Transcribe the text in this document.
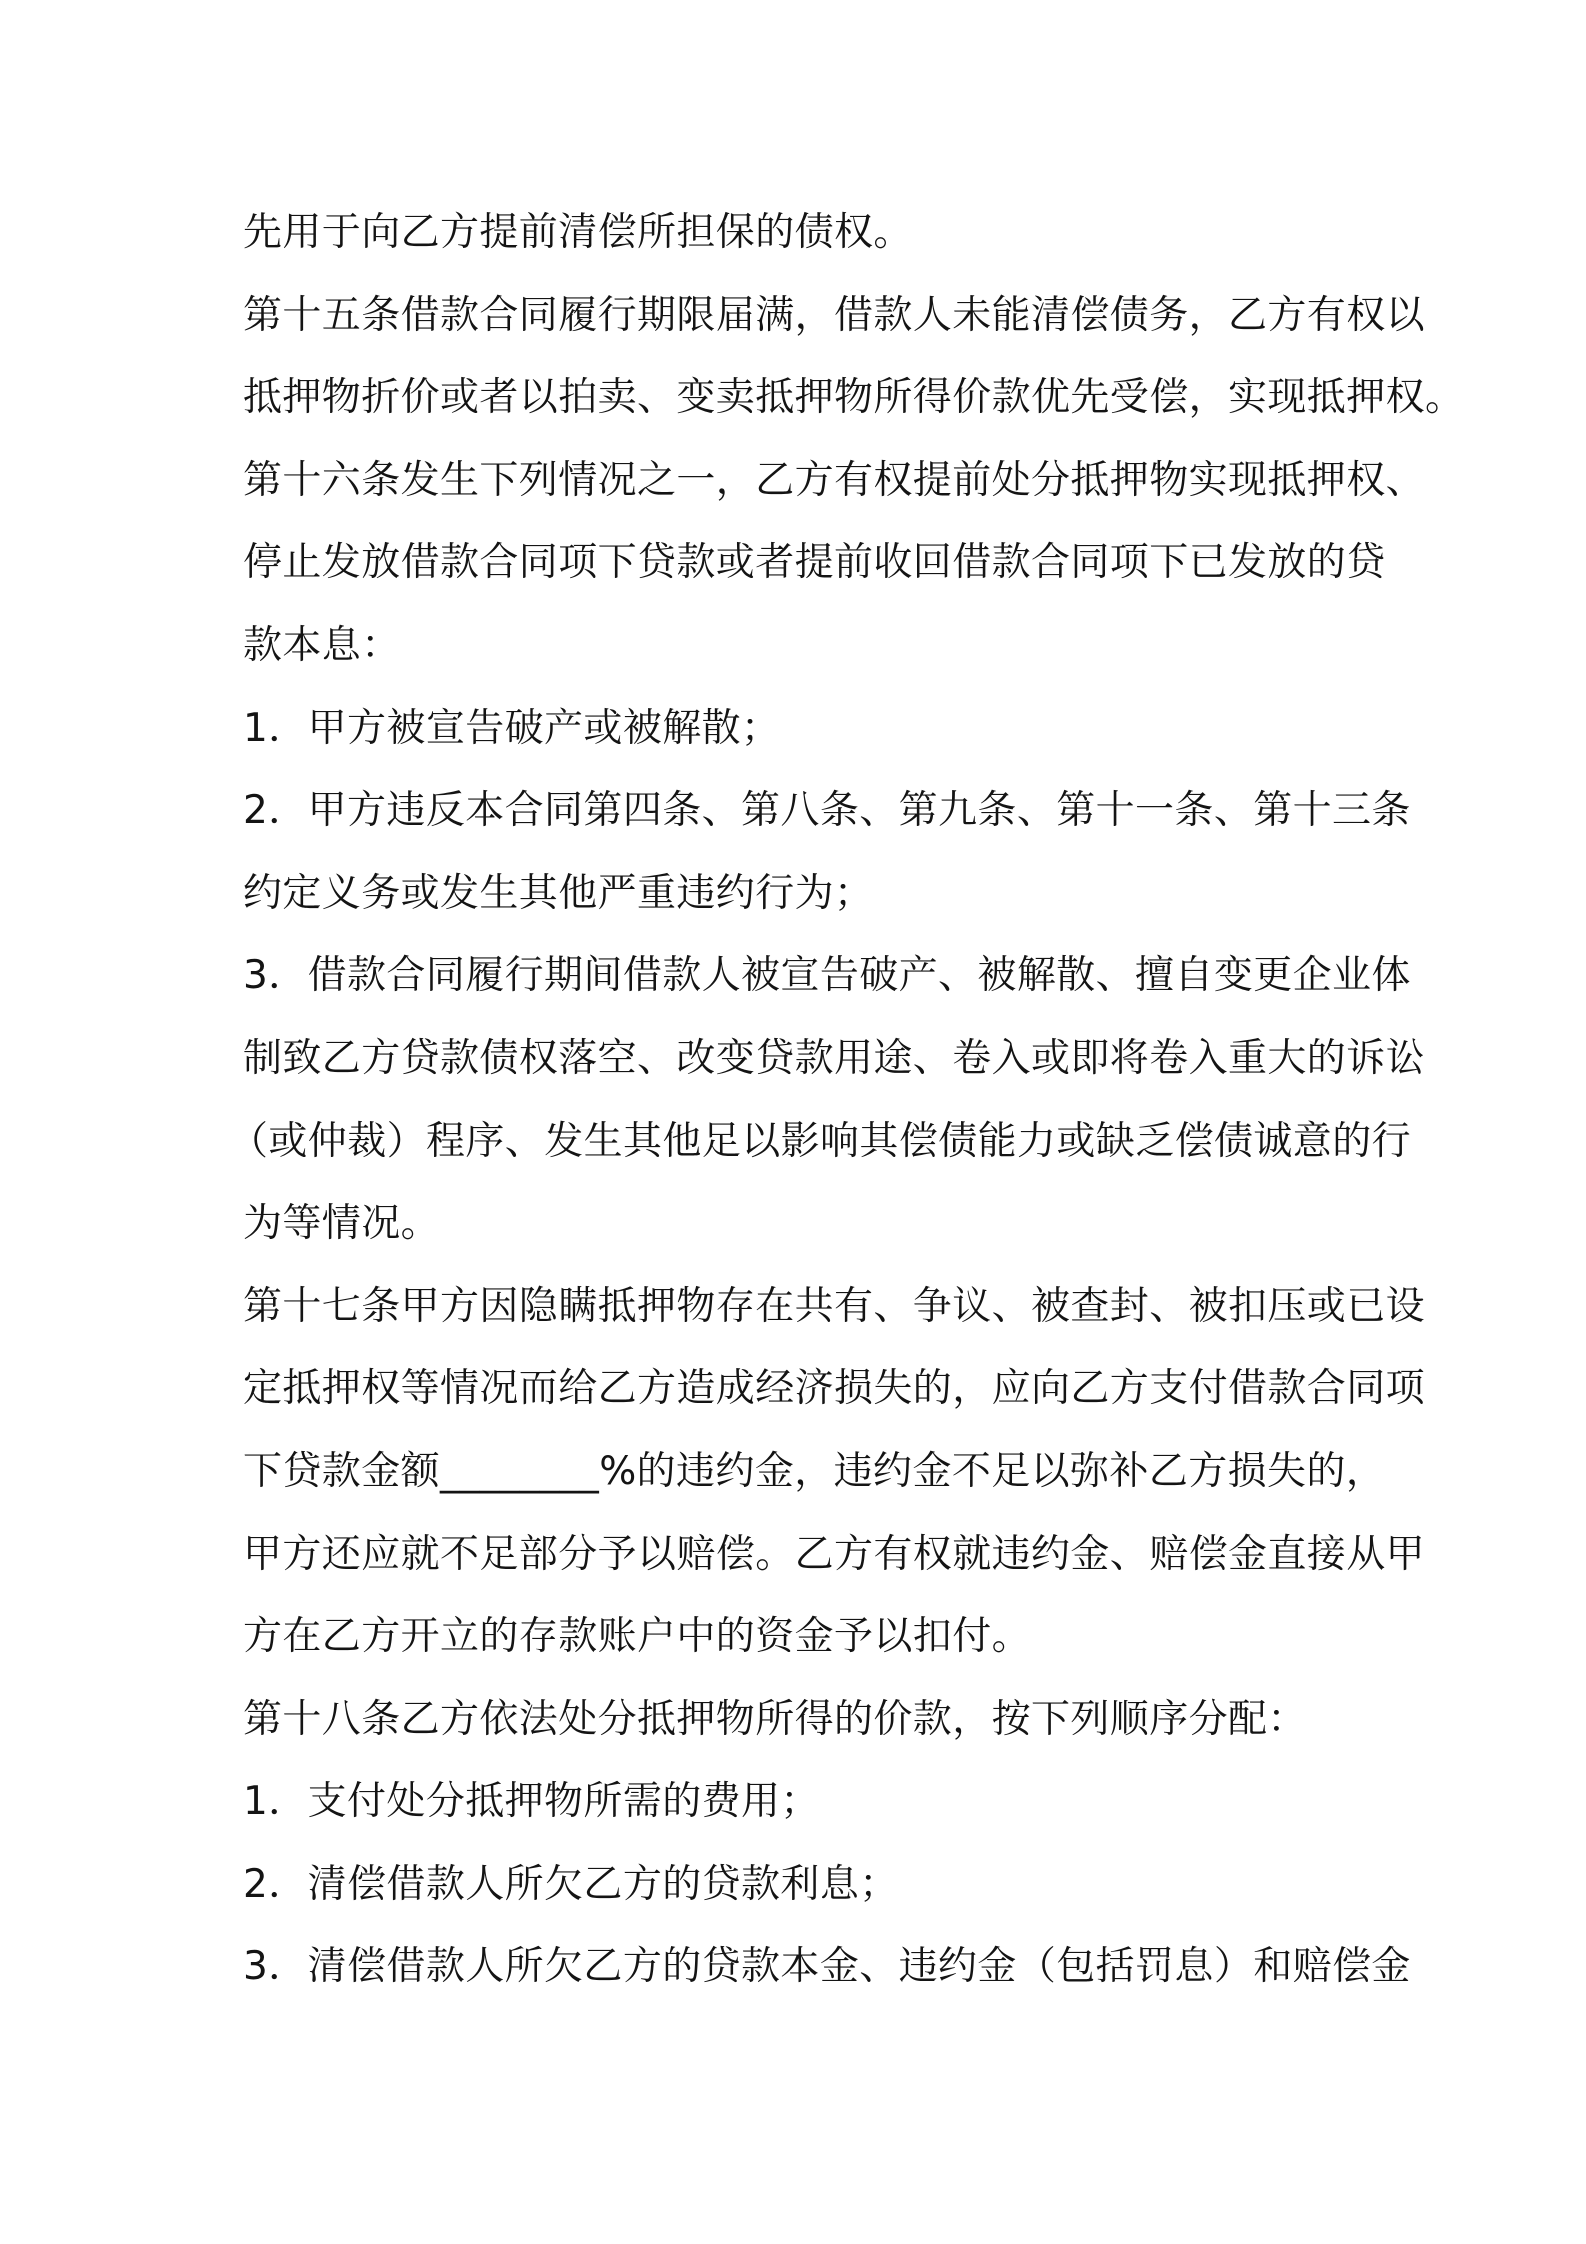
先用于向乙方提前清偿所担保的债权。
第十五条借款合同履行期限届满，借款人未能清偿债务，乙方有权以
抵押物折价或者以拍卖、变卖抵押物所得价款优先受偿，实现抵押权。
第十六条发生下列情况之一，乙方有权提前处分抵押物实现抵押权、
停止发放借款合同项下贷款或者提前收回借款合同项下已发放的贷
款本息：
1．甲方被宣告破产或被解散；
2．甲方违反本合同第四条、第八条、第九条、第十一条、第十三条
约定义务或发生其他严重违约行为；
3．借款合同履行期间借款人被宣告破产、被解散、擅自变更企业体
制致乙方贷款债权落空、改变贷款用途、卷入或即将卷入重大的诉讼
（或仲裁）程序、发生其他足以影响其偿债能力或缺乏偿债诚意的行
为等情况。
第十七条甲方因隐瞒抵押物存在共有、争议、被查封、被扣压或已设
定抵押权等情况而给乙方造成经济损失的，应向乙方支付借款合同项
下贷款金额________%的违约金，违约金不足以弥补乙方损失的，
甲方还应就不足部分予以赔偿。乙方有权就违约金、赔偿金直接从甲
方在乙方开立的存款账户中的资金予以扣付。
第十八条乙方依法处分抵押物所得的价款，按下列顺序分配：
1．支付处分抵押物所需的费用；
2．清偿借款人所欠乙方的贷款利息；
3．清偿借款人所欠乙方的贷款本金、违约金（包括罚息）和赔偿金
